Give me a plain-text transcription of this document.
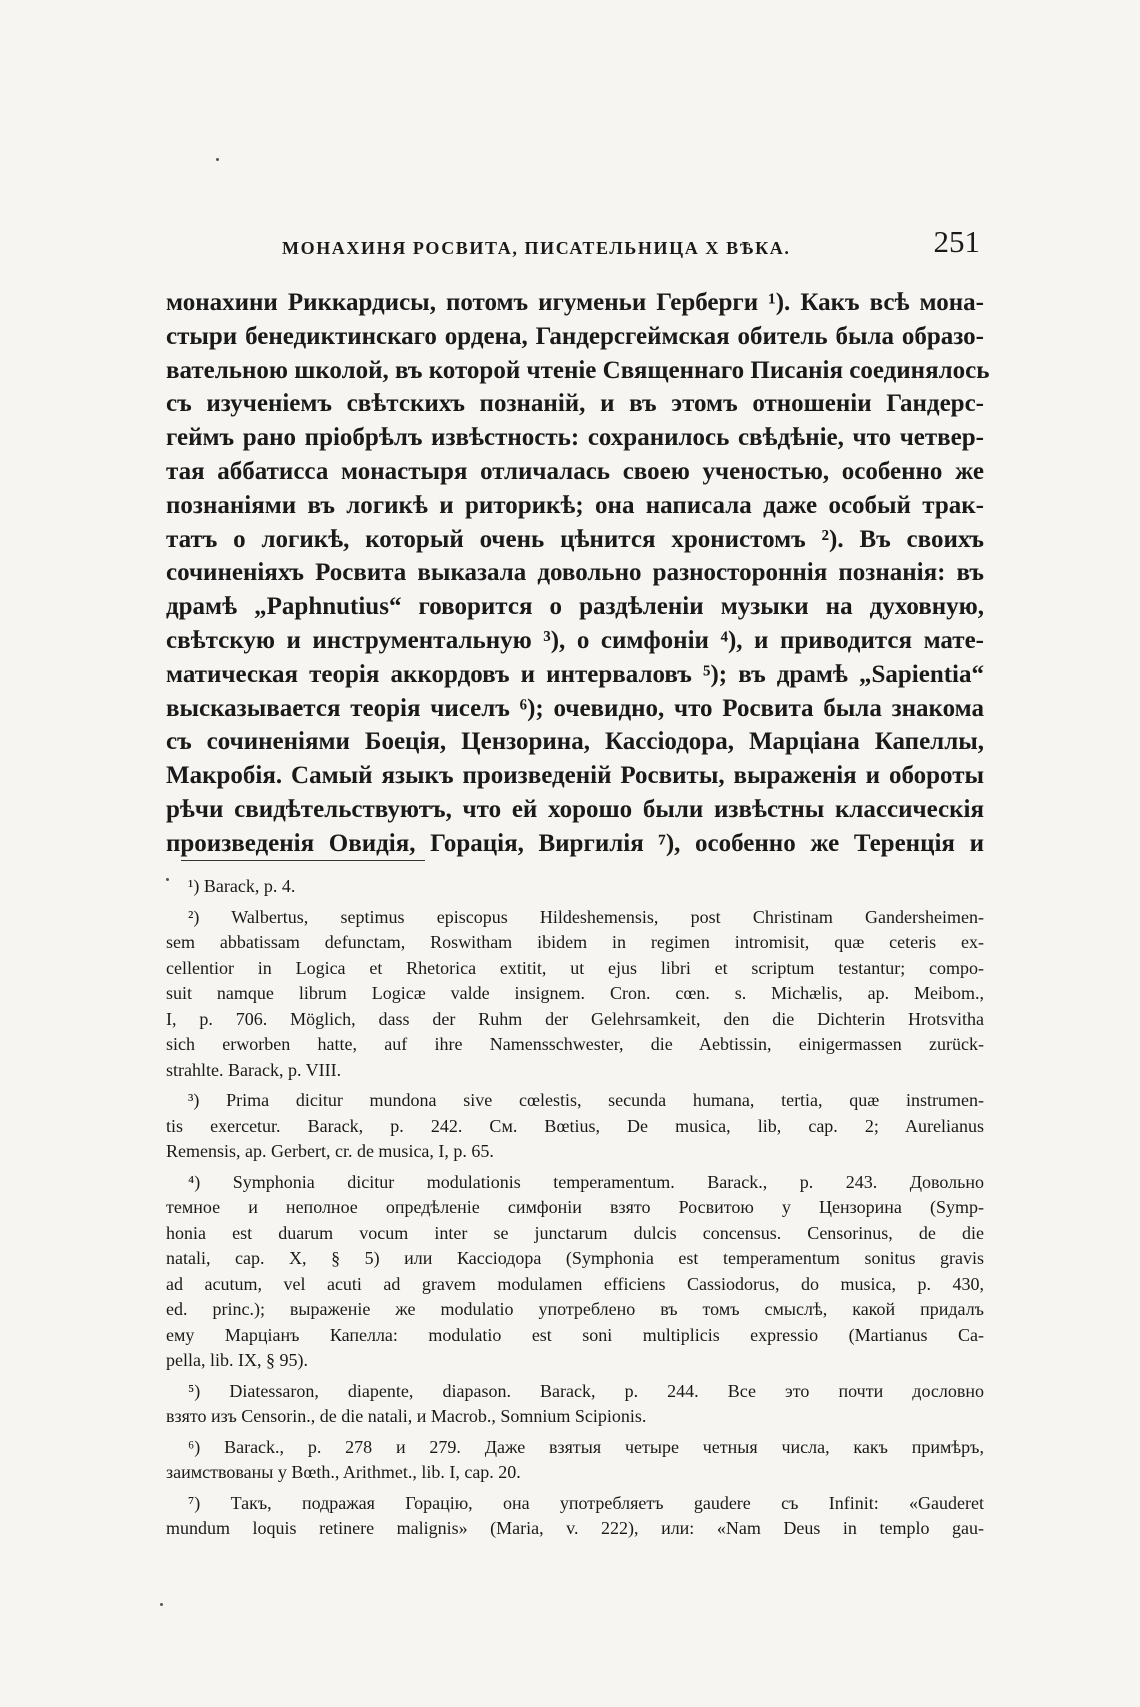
МОНАХИНЯ РОСВИТА, ПИСАТЕЛЬНИЦА X ВѢКА.	251
монахини Риккардисы, потомъ игуменьи Герберги ¹). Какъ всѣ мона-
стыри бенедиктинскаго ордена, Гандерсгеймская обитель была образо-
вательною школой, въ которой чтеніе Священнаго Писанія соединялось
съ изученіемъ свѣтскихъ познаній, и въ этомъ отношеніи Гандерс-
геймъ рано пріобрѣлъ извѣстность: сохранилось свѣдѣніе, что четвер-
тая аббатисса монастыря отличалась своею ученостью, особенно же
познаніями въ логикѣ и риторикѣ; она написала даже особый трак-
татъ о логикѣ, который очень цѣнится хронистомъ ²). Въ своихъ
сочиненіяхъ Росвита выказала довольно разностороннія познанія: въ
драмѣ „Paphnutius“ говорится о раздѣленіи музыки на духовную,
свѣтскую и инструментальную ³), о симфоніи ⁴), и приводится мате-
матическая теорія аккордовъ и интерваловъ ⁵); въ драмѣ „Sapientia“
высказывается теорія чиселъ ⁶); очевидно, что Росвита была знакома
съ сочиненіями Боеція, Цензорина, Кассіодора, Марціана Капеллы,
Макробія. Самый языкъ произведеній Росвиты, выраженія и обороты
рѣчи свидѣтельствуютъ, что ей хорошо были извѣстны классическія
произведенія Овидія, Горація, Виргилія ⁷), особенно же Теренція и
¹) Barack, p. 4.
²) Walbertus, septimus episcopus Hildeshemensis, post Christinam Gandersheimen-
sem abbatissam defunctam, Roswitham ibidem in regimen intromisit, quæ ceteris ex-
cellentior in Logica et Rhetorica extitit, ut ejus libri et scriptum testantur; compo-
suit namque librum Logicæ valde insignem. Cron. cœn. s. Michælis, ap. Meibom.,
I, p. 706. Möglich, dass der Ruhm der Gelehrsamkeit, den die Dichterin Hrotsvitha
sich erworben hatte, auf ihre Namensschwester, die Aebtissin, einigermassen zurück-
strahlte. Barack, p. VIII.
³) Prima dicitur mundona sive cœlestis, secunda humana, tertia, quæ instrumen-
tis exercetur. Barack, p. 242. См. Bœtius, De musica, lib, cap. 2; Aurelianus
Remensis, ap. Gerbert, cr. de musica, I, p. 65.
⁴) Symphonia dicitur modulationis temperamentum. Barack., p. 243. Довольно
темное и неполное опредѣленіе симфоніи взято Росвитою у Цензорина (Symp-
honia est duarum vocum inter se junctarum dulcis concensus. Censorinus, de die
natali, cap. X, § 5) или Кассіодора (Symphonia est temperamentum sonitus gravis
ad acutum, vel acuti ad gravem modulamen efficiens Cassiodorus, do musica, p. 430,
ed. princ.); выраженіе же modulatio употреблено въ томъ смыслѣ, какой придалъ
ему Марціанъ Капелла: modulatio est soni multiplicis expressio (Martianus Ca-
pella, lib. IX, § 95).
⁵) Diatessaron, diapente, diapason. Barack, p. 244. Все это почти дословно
взято изъ Censorin., de die natali, и Macrob., Somnium Scipionis.
⁶) Barack., p. 278 и 279. Даже взятыя четыре четныя числа, какъ примѣръ,
заимствованы у Bœth., Arithmet., lib. I, cap. 20.
⁷) Такъ, подражая Горацію, она употребляетъ gaudere съ Infinit: «Gauderet
mundum loquis retinere malignis» (Maria, v. 222), или: «Nam Deus in templo gau-
